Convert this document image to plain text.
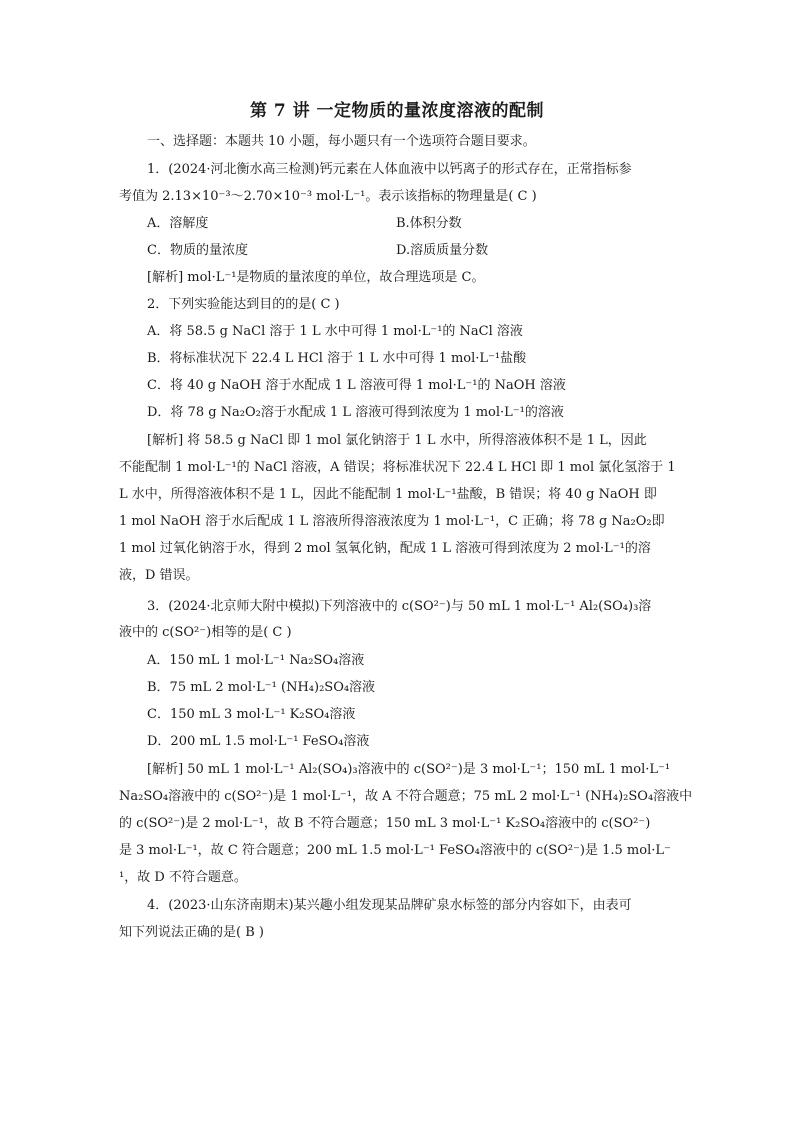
第 7 讲 一定物质的量浓度溶液的配制
一、选择题：本题共 10 小题，每小题只有一个选项符合题目要求。
1．(2024·河北衡水高三检测)钙元素在人体血液中以钙离子的形式存在，正常指标参
考值为 2.13×10⁻³～2.70×10⁻³ mol·L⁻¹。表示该指标的物理量是( C )
A．溶解度	B.体积分数
C．物质的量浓度	D.溶质质量分数
[解析] mol·L⁻¹是物质的量浓度的单位，故合理选项是 C。
2．下列实验能达到目的的是( C )
A．将 58.5 g NaCl 溶于 1 L 水中可得 1 mol·L⁻¹的 NaCl 溶液
B．将标准状况下 22.4 L HCl 溶于 1 L 水中可得 1 mol·L⁻¹盐酸
C．将 40 g NaOH 溶于水配成 1 L 溶液可得 1 mol·L⁻¹的 NaOH 溶液
D．将 78 g Na₂O₂溶于水配成 1 L 溶液可得到浓度为 1 mol·L⁻¹的溶液
[解析] 将 58.5 g NaCl 即 1 mol 氯化钠溶于 1 L 水中，所得溶液体积不是 1 L，因此
不能配制 1 mol·L⁻¹的 NaCl 溶液，A 错误；将标准状况下 22.4 L HCl 即 1 mol 氯化氢溶于 1
L 水中，所得溶液体积不是 1 L，因此不能配制 1 mol·L⁻¹盐酸，B 错误；将 40 g NaOH 即
1 mol NaOH 溶于水后配成 1 L 溶液所得溶液浓度为 1 mol·L⁻¹，C 正确；将 78 g Na₂O₂即
1 mol 过氧化钠溶于水，得到 2 mol 氢氧化钠，配成 1 L 溶液可得到浓度为 2 mol·L⁻¹的溶
液，D 错误。
3．(2024·北京师大附中模拟)下列溶液中的 c(SO²⁻)与 50 mL 1 mol·L⁻¹ Al₂(SO₄)₃溶
液中的 c(SO²⁻)相等的是( C )
A．150 mL 1 mol·L⁻¹ Na₂SO₄溶液
B．75 mL 2 mol·L⁻¹ (NH₄)₂SO₄溶液
C．150 mL 3 mol·L⁻¹ K₂SO₄溶液
D．200 mL 1.5 mol·L⁻¹ FeSO₄溶液
[解析] 50 mL 1 mol·L⁻¹ Al₂(SO₄)₃溶液中的 c(SO²⁻)是 3 mol·L⁻¹；150 mL 1 mol·L⁻¹
Na₂SO₄溶液中的 c(SO²⁻)是 1 mol·L⁻¹，故 A 不符合题意；75 mL 2 mol·L⁻¹ (NH₄)₂SO₄溶液中
的 c(SO²⁻)是 2 mol·L⁻¹，故 B 不符合题意；150 mL 3 mol·L⁻¹ K₂SO₄溶液中的 c(SO²⁻)
是 3 mol·L⁻¹，故 C 符合题意；200 mL 1.5 mol·L⁻¹ FeSO₄溶液中的 c(SO²⁻)是 1.5 mol·L⁻
¹，故 D 不符合题意。
4．(2023·山东济南期末)某兴趣小组发现某品牌矿泉水标签的部分内容如下，由表可
知下列说法正确的是( B )
